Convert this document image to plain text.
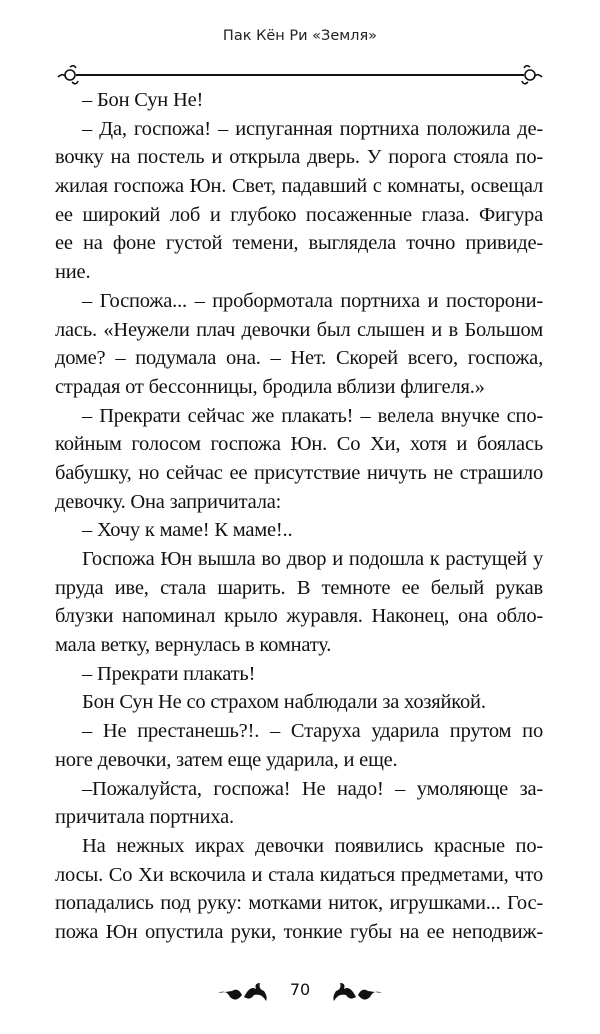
Пак Кён Ри «Земля»
– Бон Сун Не!
– Да, госпожа! – испуганная портниха положила де-
вочку на постель и открыла дверь. У порога стояла по-
жилая госпожа Юн. Свет, падавший с комнаты, освещал
ее широкий лоб и глубоко посаженные глаза. Фигура
ее на фоне густой темени, выглядела точно привиде-
ние.
– Госпожа... – пробормотала портниха и посторони-
лась. «Неужели плач девочки был слышен и в Большом
доме? – подумала она. – Нет. Скорей всего, госпожа,
страдая от бессонницы, бродила вблизи флигеля.»
– Прекрати сейчас же плакать! – велела внучке спо-
койным голосом госпожа Юн. Со Хи, хотя и боялась
бабушку, но сейчас ее присутствие ничуть не страшило
девочку. Она запричитала:
– Хочу к маме! К маме!..
Госпожа Юн вышла во двор и подошла к растущей у
пруда иве, стала шарить. В темноте ее белый рукав
блузки напоминал крыло журавля. Наконец, она обло-
мала ветку, вернулась в комнату.
– Прекрати плакать!
Бон Сун Не со страхом наблюдали за хозяйкой.
– Не престанешь?!. – Старуха ударила прутом по
ноге девочки, затем еще ударила, и еще.
–Пожалуйста, госпожа! Не надо! – умоляюще за-
причитала портниха.
На нежных икрах девочки появились красные по-
лосы. Со Хи вскочила и стала кидаться предметами, что
попадались под руку: мотками ниток, игрушками... Гос-
пожа Юн опустила руки, тонкие губы на ее неподвиж-
70
